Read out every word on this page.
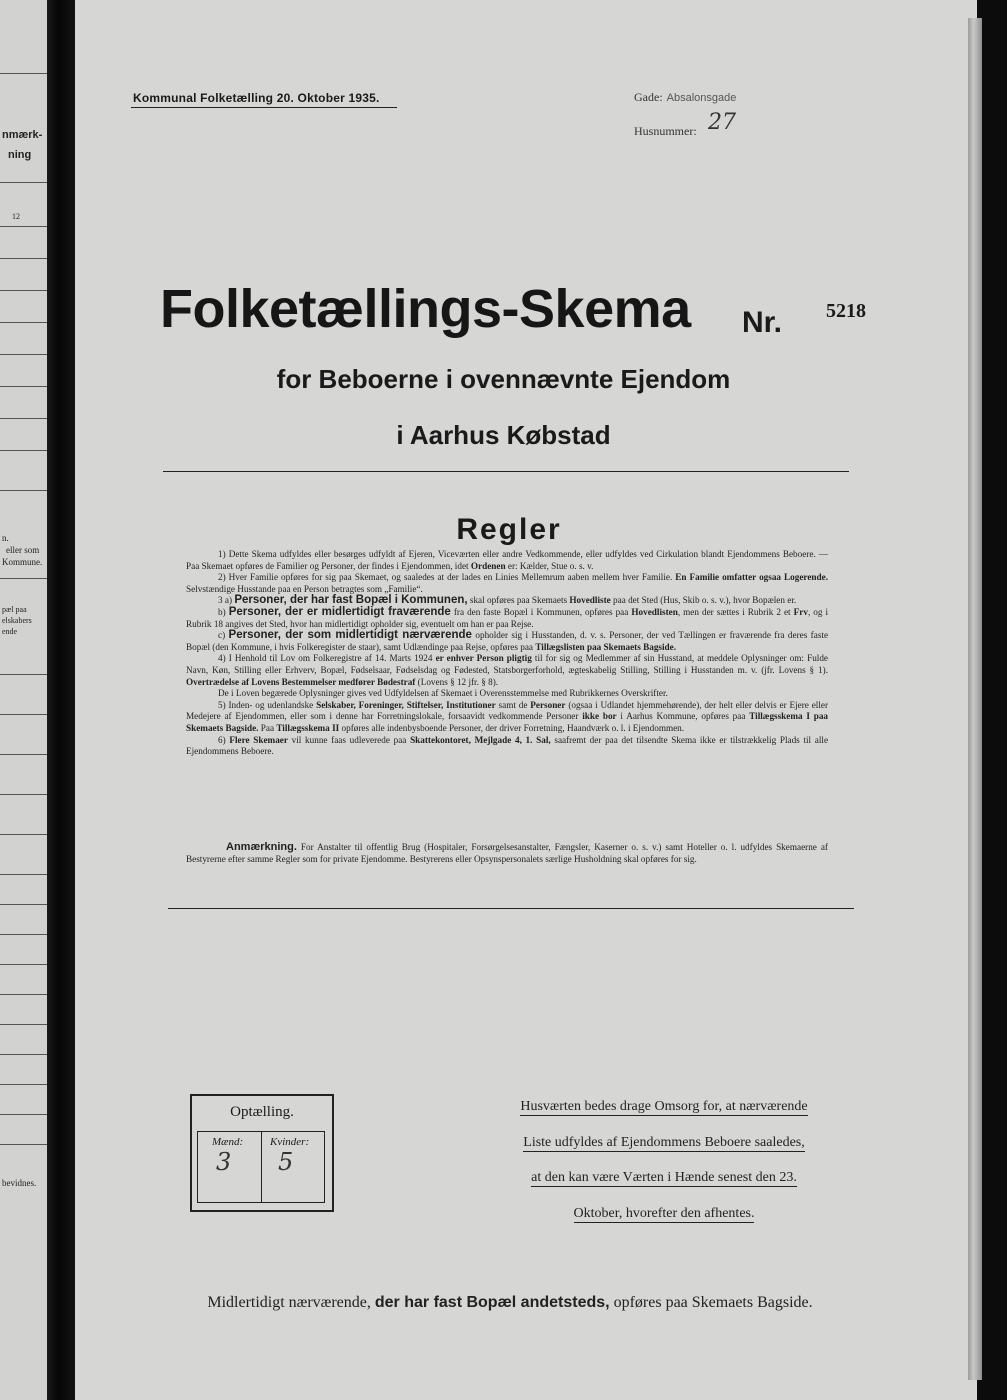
nmærk-
ning
12
n.
eller som
Kommune.
pæl paa
elskabers
ende
bevidnes.
Kommunal Folketælling 20. Oktober 1935.	Gade: Absalonsgade
Husnummer: 27
Folketællings-Skema Nr. 5218
for Beboerne i ovennævnte Ejendom
i Aarhus Købstad
Regler

1) Dette Skema udfyldes eller besørges udfyldt af Ejeren, Viceværten eller andre Vedkommende, eller udfyldes ved Cirkulation blandt Ejendommens Beboere. — Paa Skemaet opføres de Familier og Personer, der findes i Ejendommen, idet Ordenen er: Kælder, Stue o. s. v.

2) Hver Familie opføres for sig paa Skemaet, og saaledes at der lades en Linies Mellemrum aaben mellem hver Familie. En Familie omfatter ogsaa Logerende. Selvstændige Husstande paa en Person betragtes som „Familie“.

3 a) Personer, der har fast Bopæl i Kommunen, skal opføres paa Skemaets Hovedliste paa det Sted (Hus, Skib o. s. v.), hvor Bopælen er.

b) Personer, der er midlertidigt fraværende fra den faste Bopæl i Kommunen, opføres paa Hovedlisten, men der sættes i Rubrik 2 et Frv, og i Rubrik 18 angives det Sted, hvor han midlertidigt opholder sig, eventuelt om han er paa Rejse.

c) Personer, der som midlertidigt nærværende opholder sig i Husstanden, d. v. s. Personer, der ved Tællingen er fraværende fra deres faste Bopæl (den Kommune, i hvis Folkeregister de staar), samt Udlændinge paa Rejse, opføres paa Tillægslisten paa Skemaets Bagside.

4) I Henhold til Lov om Folkeregistre af 14. Marts 1924 er enhver Person pligtig til for sig og Medlemmer af sin Husstand, at meddele Oplysninger om: Fulde Navn, Køn, Stilling eller Erhverv, Bopæl, Fødselsaar, Fødselsdag og Fødested, Statsborgerforhold, ægteskabelig Stilling, Stilling i Husstanden m. v. (jfr. Lovens § 1). Overtrædelse af Lovens Bestemmelser medfører Bødestraf (Lovens § 12 jfr. § 8).

De i Loven begærede Oplysninger gives ved Udfyldelsen af Skemaet i Overensstemmelse med Rubrikkernes Overskrifter.

5) Inden- og udenlandske Selskaber, Foreninger, Stiftelser, Institutioner samt de Personer (ogsaa i Udlandet hjemmehørende), der helt eller delvis er Ejere eller Medejere af Ejendommen, eller som i denne har Forretningslokale, forsaavidt vedkommende Personer ikke bor i Aarhus Kommune, opføres paa Tillægsskema I paa Skemaets Bagside. Paa Tillægsskema II opføres alle indenbysboende Personer, der driver Forretning, Haandværk o. l. i Ejendommen.

6) Flere Skemaer vil kunne faas udleverede paa Skattekontoret, Mejlgade 4, 1. Sal, saafremt der paa det tilsendte Skema ikke er tilstrækkelig Plads til alle Ejendommens Beboere.

Anmærkning. For Anstalter til offentlig Brug (Hospitaler, Forsørgelsesanstalter, Fængsler, Kaserner o. s. v.) samt Hoteller o. l. udfyldes Skemaerne af Bestyrerne efter samme Regler som for private Ejendomme. Bestyrerens eller Opsynspersonalets særlige Husholdning skal opføres for sig.

Optælling.
Mænd:
3
Kvinder:
5
Husværten bedes drage Omsorg for, at nærværende
Liste udfyldes af Ejendommens Beboere saaledes,
at den kan være Værten i Hænde senest den 23.
Oktober, hvorefter den afhentes.
Midlertidigt nærværende, der har fast Bopæl andetsteds, opføres paa Skemaets Bagside.
